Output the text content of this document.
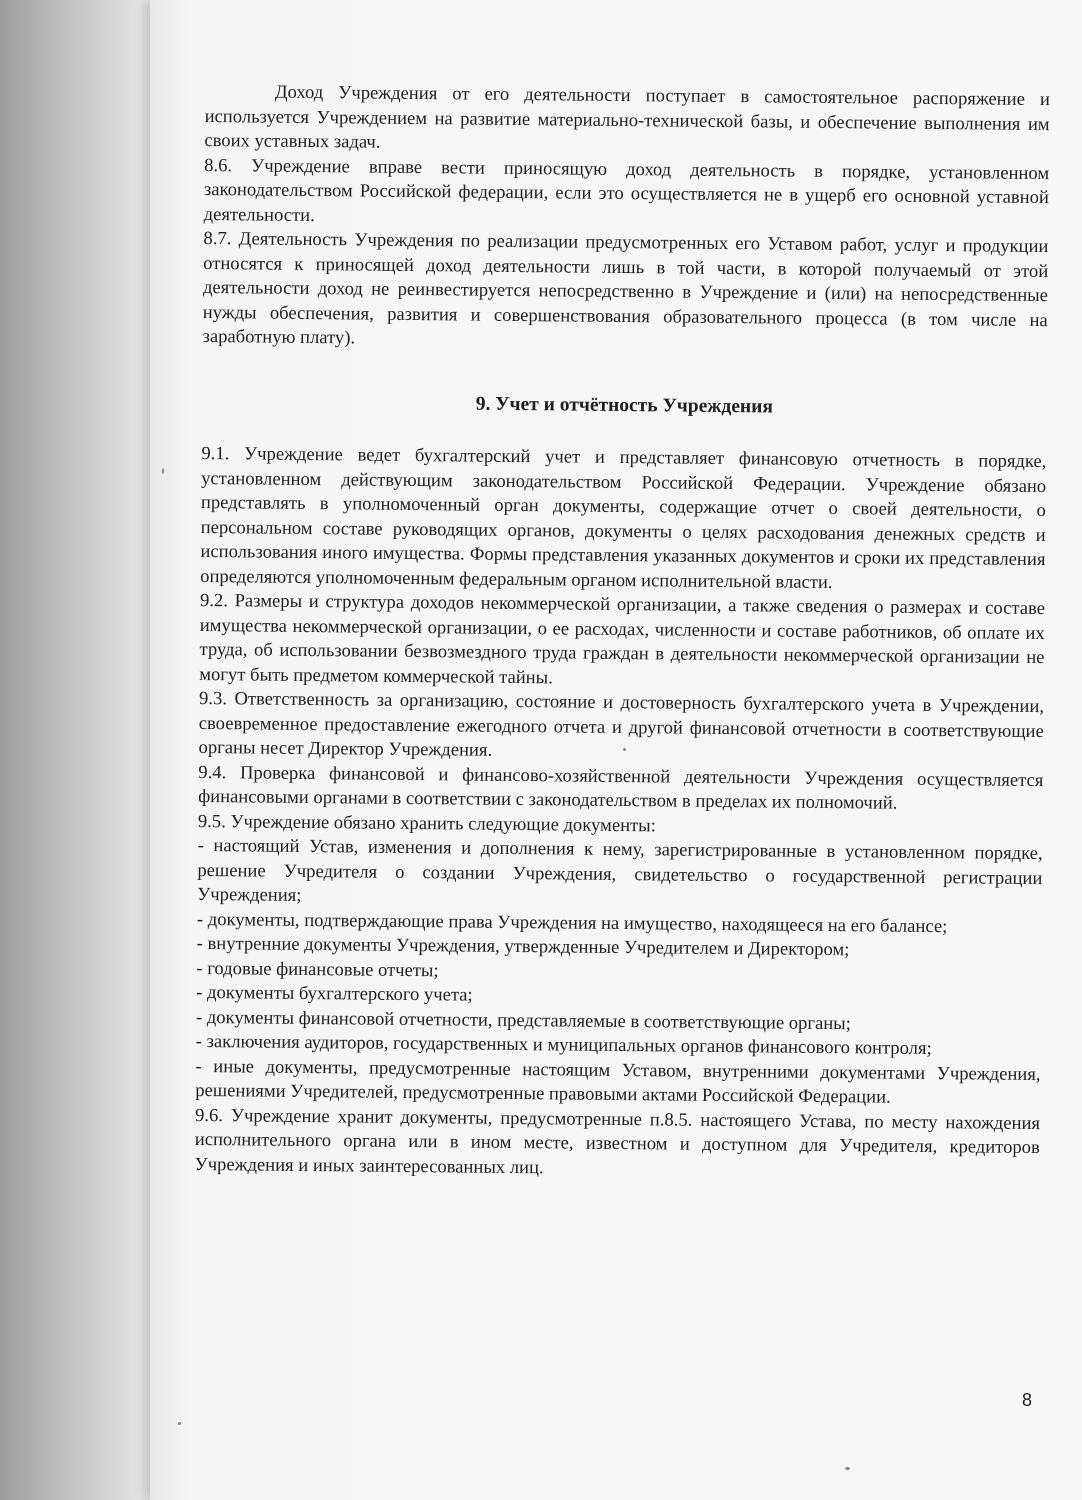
Доход Учреждения от его деятельности поступает в самостоятельное распоряжение и используется Учреждением на развитие материально-технической базы, и обеспечение выполнения им своих уставных задач.

8.6. Учреждение вправе вести приносящую доход деятельность в порядке, установленном законодательством Российской федерации, если это осуществляется не в ущерб его основной уставной деятельности.

8.7. Деятельность Учреждения по реализации предусмотренных его Уставом работ, услуг и продукции относятся к приносящей доход деятельности лишь в той части, в которой получаемый от этой деятельности доход не реинвестируется непосредственно в Учреждение и (или) на непосредственные нужды обеспечения, развития и совершенствования образовательного процесса (в том числе на заработную плату).

9. Учет и отчётность Учреждения

9.1. Учреждение ведет бухгалтерский учет и представляет финансовую отчетность в порядке, установленном действующим законодательством Российской Федерации. Учреждение обязано представлять в уполномоченный орган документы, содержащие отчет о своей деятельности, о персональном составе руководящих органов, документы о целях расходования денежных средств и использования иного имущества. Формы представления указанных документов и сроки их представления определяются уполномоченным федеральным органом исполнительной власти.

9.2. Размеры и структура доходов некоммерческой организации, а также сведения о размерах и составе имущества некоммерческой организации, о ее расходах, численности и составе работников, об оплате их труда, об использовании безвозмездного труда граждан в деятельности некоммерческой организации не могут быть предметом коммерческой тайны.

9.3. Ответственность за организацию, состояние и достоверность бухгалтерского учета в Учреждении, своевременное предоставление ежегодного отчета и другой финансовой отчетности в соответствующие органы несет Директор Учреждения.

9.4. Проверка финансовой и финансово-хозяйственной деятельности Учреждения осуществляется финансовыми органами в соответствии с законодательством в пределах их полномочий.

9.5. Учреждение обязано хранить следующие документы:

- настоящий Устав, изменения и дополнения к нему, зарегистрированные в установленном порядке, решение Учредителя о создании Учреждения, свидетельство о государственной регистрации Учреждения;

- документы, подтверждающие права Учреждения на имущество, находящееся на его балансе;

- внутренние документы Учреждения, утвержденные Учредителем и Директором;

- годовые финансовые отчеты;

- документы бухгалтерского учета;

- документы финансовой отчетности, представляемые в соответствующие органы;

- заключения аудиторов, государственных и муниципальных органов финансового контроля;

- иные документы, предусмотренные настоящим Уставом, внутренними документами Учреждения, решениями Учредителей, предусмотренные правовыми актами Российской Федерации.

9.6. Учреждение хранит документы, предусмотренные п.8.5. настоящего Устава, по месту нахождения исполнительного органа или в ином месте, известном и доступном для Учредителя, кредиторов Учреждения и иных заинтересованных лиц.

8
